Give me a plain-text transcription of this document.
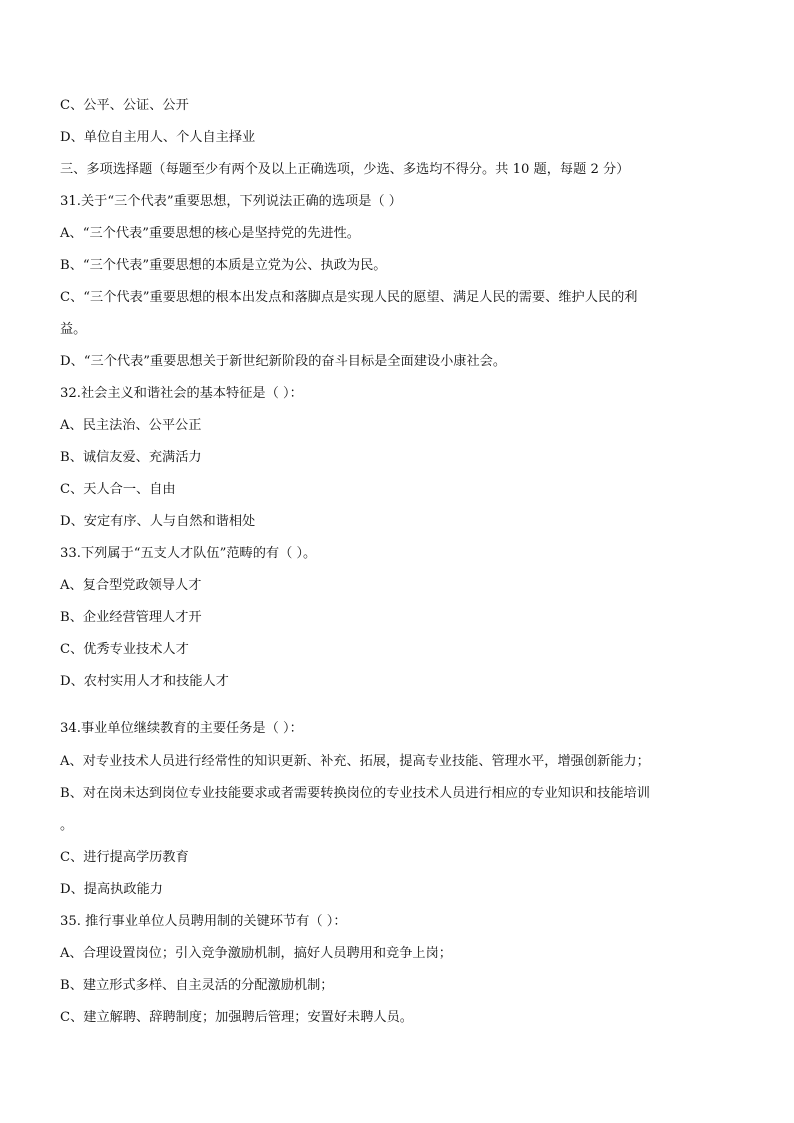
C、公平、公证、公开

D、单位自主用人、个人自主择业

三、多项选择题（每题至少有两个及以上正确选项，少选、多选均不得分。共 10 题，每题 2 分）

31.关于“三个代表”重要思想，下列说法正确的选项是（ ）

A、“三个代表”重要思想的核心是坚持党的先进性。

B、“三个代表”重要思想的本质是立党为公、执政为民。

C、“三个代表”重要思想的根本出发点和落脚点是实现人民的愿望、满足人民的需要、维护人民的利

益。

D、“三个代表”重要思想关于新世纪新阶段的奋斗目标是全面建设小康社会。

32.社会主义和谐社会的基本特征是（ ）：

A、民主法治、公平公正

B、诚信友爱、充满活力

C、天人合一、自由

D、安定有序、人与自然和谐相处

33.下列属于“五支人才队伍”范畴的有（ ）。

A、复合型党政领导人才

B、企业经营管理人才开

C、优秀专业技术人才

D、农村实用人才和技能人才

34.事业单位继续教育的主要任务是（ ）：

A、对专业技术人员进行经常性的知识更新、补充、拓展，提高专业技能、管理水平，增强创新能力；

B、对在岗未达到岗位专业技能要求或者需要转换岗位的专业技术人员进行相应的专业知识和技能培训

。

C、进行提高学历教育

D、提高执政能力

35. 推行事业单位人员聘用制的关键环节有（ ）：

A、合理设置岗位；引入竞争激励机制，搞好人员聘用和竞争上岗；

B、建立形式多样、自主灵活的分配激励机制；

C、建立解聘、辞聘制度；加强聘后管理；安置好未聘人员。
